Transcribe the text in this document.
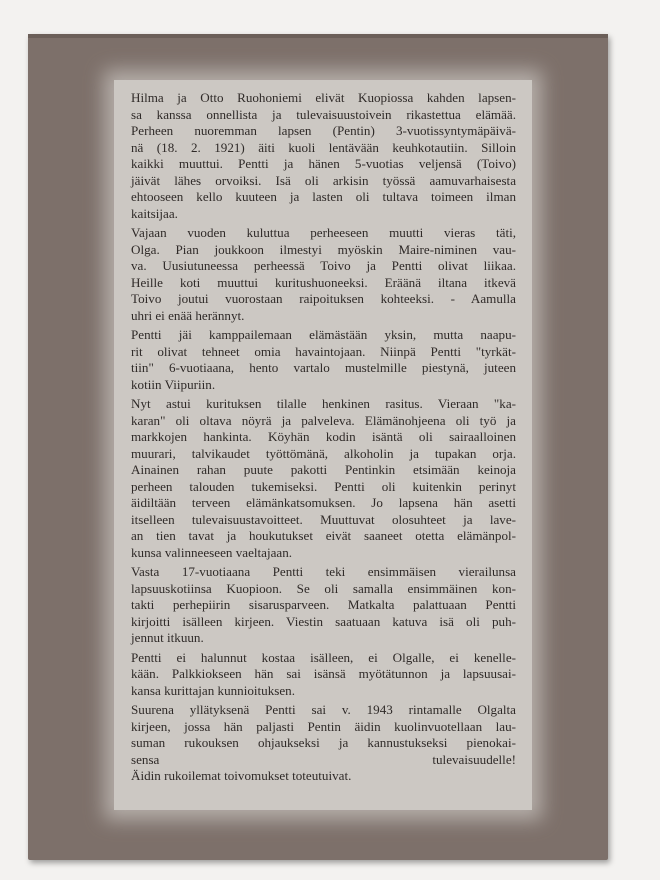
Hilma ja Otto Ruohoniemi elivät Kuopiossa kahden lapsen-
sa kanssa onnellista ja tulevaisuustoivein rikastettua elämää.
Perheen nuoremman lapsen (Pentin) 3-vuotissyntymäpäivä-
nä (18. 2. 1921) äiti kuoli lentävään keuhkotautiin. Silloin
kaikki muuttui. Pentti ja hänen 5-vuotias veljensä (Toivo)
jäivät lähes orvoiksi. Isä oli arkisin työssä aamuvarhaisesta
ehtooseen kello kuuteen ja lasten oli tultava toimeen ilman
kaitsijaa.

Vajaan vuoden kuluttua perheeseen muutti vieras täti,
Olga. Pian joukkoon ilmestyi myöskin Maire-niminen vau-
va. Uusiutuneessa perheessä Toivo ja Pentti olivat liikaa.
Heille koti muuttui kuritushuoneeksi. Eräänä iltana itkevä
Toivo joutui vuorostaan raipoituksen kohteeksi. - Aamulla
uhri ei enää herännyt.

Pentti jäi kamppailemaan elämästään yksin, mutta naapu-
rit olivat tehneet omia havaintojaan. Niinpä Pentti "tyrkät-
tiin" 6-vuotiaana, hento vartalo mustelmille piestynä, juteen
kotiin Viipuriin.

Nyt astui kurituksen tilalle henkinen rasitus. Vieraan "ka-
karan" oli oltava nöyrä ja palveleva. Elämänohjeena oli työ ja
markkojen hankinta. Köyhän kodin isäntä oli sairaalloinen
muurari, talvikaudet työttömänä, alkoholin ja tupakan orja.
Ainainen rahan puute pakotti Pentinkin etsimään keinoja
perheen talouden tukemiseksi. Pentti oli kuitenkin perinyt
äidiltään terveen elämänkatsomuksen. Jo lapsena hän asetti
itselleen tulevaisuustavoitteet. Muuttuvat olosuhteet ja lave-
an tien tavat ja houkutukset eivät saaneet otetta elämänpol-
kunsa valinneeseen vaeltajaan.

Vasta 17-vuotiaana Pentti teki ensimmäisen vierailunsa
lapsuuskotiinsa Kuopioon. Se oli samalla ensimmäinen kon-
takti perhepiirin sisarusparveen. Matkalta palattuaan Pentti
kirjoitti isälleen kirjeen. Viestin saatuaan katuva isä oli puh-
jennut itkuun.

Pentti ei halunnut kostaa isälleen, ei Olgalle, ei kenelle-
kään. Palkkiokseen hän sai isänsä myötätunnon ja lapsuusai-
kansa kurittajan kunnioituksen.

Suurena yllätyksenä Pentti sai v. 1943 rintamalle Olgalta
kirjeen, jossa hän paljasti Pentin äidin kuolinvuotellaan lau-
suman rukouksen ohjaukseksi ja kannustukseksi pienokai-
sensa tulevaisuudelle!
Äidin rukoilemat toivomukset toteutuivat.
